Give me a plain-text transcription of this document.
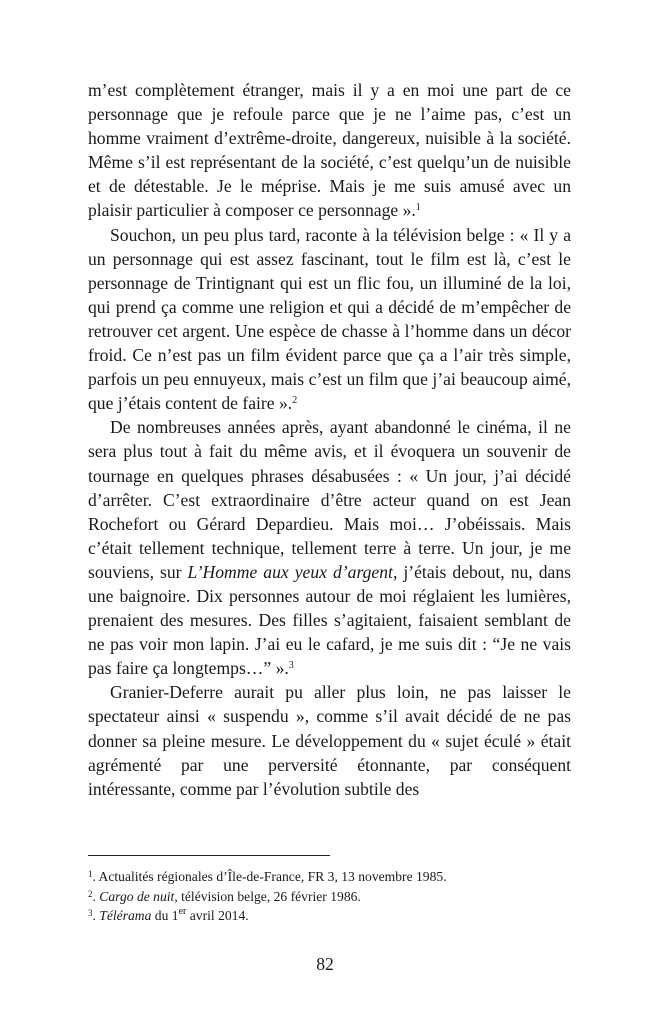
m’est complètement étranger, mais il y a en moi une part de ce personnage que je refoule parce que je ne l’aime pas, c’est un homme vraiment d’extrême-droite, dangereux, nuisible à la société. Même s’il est représentant de la société, c’est quelqu’un de nuisible et de détestable. Je le méprise. Mais je me suis amusé avec un plaisir particulier à composer ce personnage ».$^1$

Souchon, un peu plus tard, raconte à la télévision belge : « Il y a un personnage qui est assez fascinant, tout le film est là, c’est le personnage de Trintignant qui est un flic fou, un illuminé de la loi, qui prend ça comme une religion et qui a décidé de m’empêcher de retrouver cet argent. Une espèce de chasse à l’homme dans un décor froid. Ce n’est pas un film évident parce que ça a l’air très simple, parfois un peu ennuyeux, mais c’est un film que j’ai beaucoup aimé, que j’étais content de faire ».$^2$

De nombreuses années après, ayant abandonné le cinéma, il ne sera plus tout à fait du même avis, et il évoquera un souvenir de tournage en quelques phrases désabusées : « Un jour, j’ai décidé d’arrêter. C’est extraordinaire d’être acteur quand on est Jean Rochefort ou Gérard Depardieu. Mais moi… J’obéissais. Mais c’était tellement technique, tellement terre à terre. Un jour, je me souviens, sur L’Homme aux yeux d’argent, j’étais debout, nu, dans une baignoire. Dix personnes autour de moi réglaient les lumières, prenaient des mesures. Des filles s’agitaient, faisaient semblant de ne pas voir mon lapin. J’ai eu le cafard, je me suis dit : “Je ne vais pas faire ça longtemps…” ».$^3$

Granier-Deferre aurait pu aller plus loin, ne pas laisser le spectateur ainsi « suspendu », comme s’il avait décidé de ne pas donner sa pleine mesure. Le développement du « sujet éculé » était agrémenté par une perversité étonnante, par conséquent intéressante, comme par l’évolution subtile des

$^1$. Actualités régionales d’Île-de-France, FR 3, 13 novembre 1985.
$^2$. Cargo de nuit, télévision belge, 26 février 1986.
$^3$. Télérama du 1er avril 2014.
82
